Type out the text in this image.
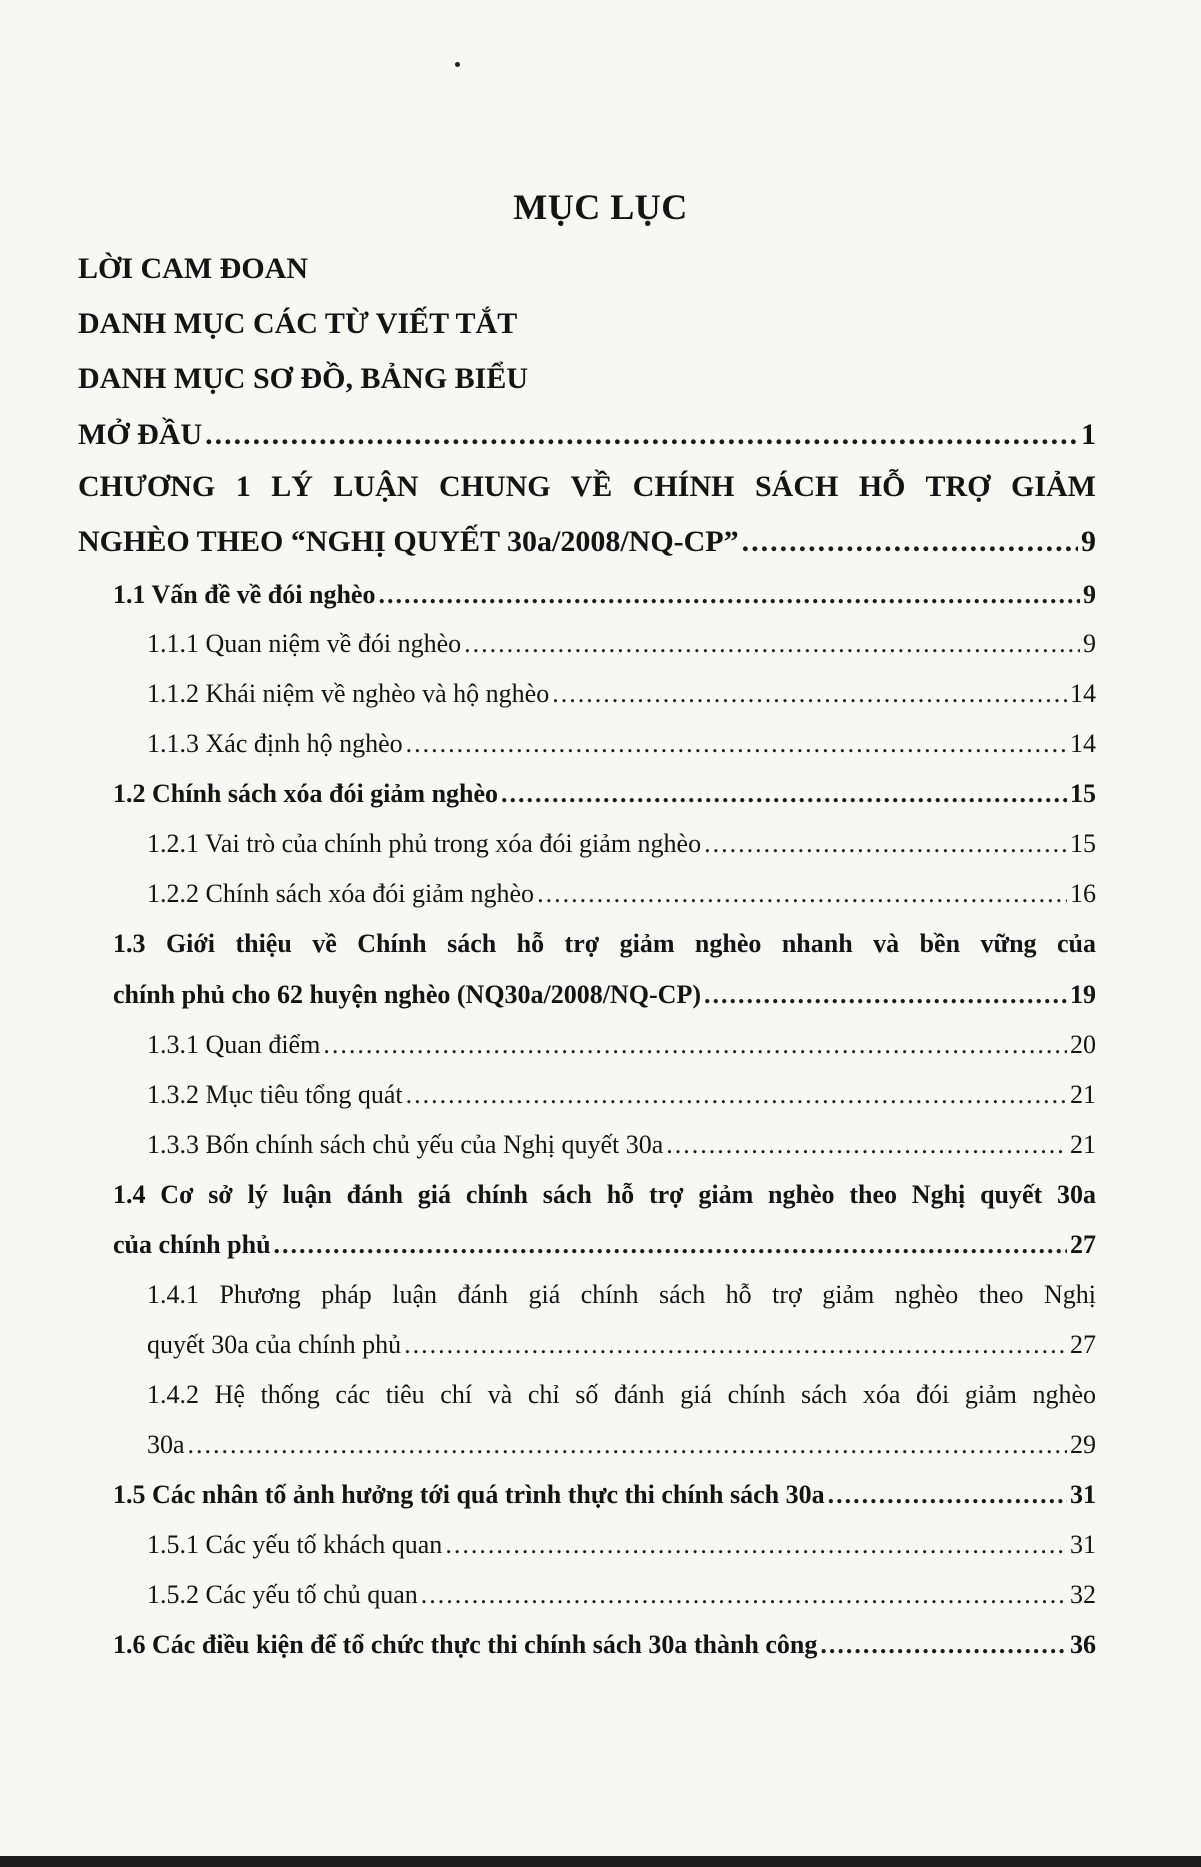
MỤC LỤC
LỜI CAM ĐOAN
DANH MỤC CÁC TỪ VIẾT TẮT
DANH MỤC SƠ ĐỒ, BẢNG BIỂU
MỞ ĐẦU .....	1
CHƯƠNG 1 LÝ LUẬN CHUNG VỀ CHÍNH SÁCH HỖ TRỢ GIẢM
NGHÈO THEO “NGHỊ QUYẾT 30a/2008/NQ-CP” .....	9
1.1 Vấn đề về đói nghèo .....	9
1.1.1 Quan niệm về đói nghèo .....	9
1.1.2 Khái niệm về nghèo và hộ nghèo .....	14
1.1.3 Xác định hộ nghèo .....	14
1.2 Chính sách xóa đói giảm nghèo .....	15
1.2.1 Vai trò của chính phủ trong xóa đói giảm nghèo .....	15
1.2.2 Chính sách xóa đói giảm nghèo .....	16
1.3 Giới thiệu về Chính sách hỗ trợ giảm nghèo nhanh và bền vững của
chính phủ cho 62 huyện nghèo (NQ30a/2008/NQ-CP) .....	19
1.3.1 Quan điểm .....	20
1.3.2 Mục tiêu tổng quát .....	21
1.3.3 Bốn chính sách chủ yếu của Nghị quyết 30a .....	21
1.4 Cơ sở lý luận đánh giá chính sách hỗ trợ giảm nghèo theo Nghị quyết 30a
của chính phủ .....	27
1.4.1 Phương pháp luận đánh giá chính sách hỗ trợ giảm nghèo theo Nghị
quyết 30a của chính phủ .....	27
1.4.2 Hệ thống các tiêu chí và chỉ số đánh giá chính sách xóa đói giảm nghèo
30a .....	29
1.5 Các nhân tố ảnh hưởng tới quá trình thực thi chính sách 30a .....	31
1.5.1 Các yếu tố khách quan .....	31
1.5.2 Các yếu tố chủ quan .....	32
1.6 Các điều kiện để tổ chức thực thi chính sách 30a thành công .....	36
